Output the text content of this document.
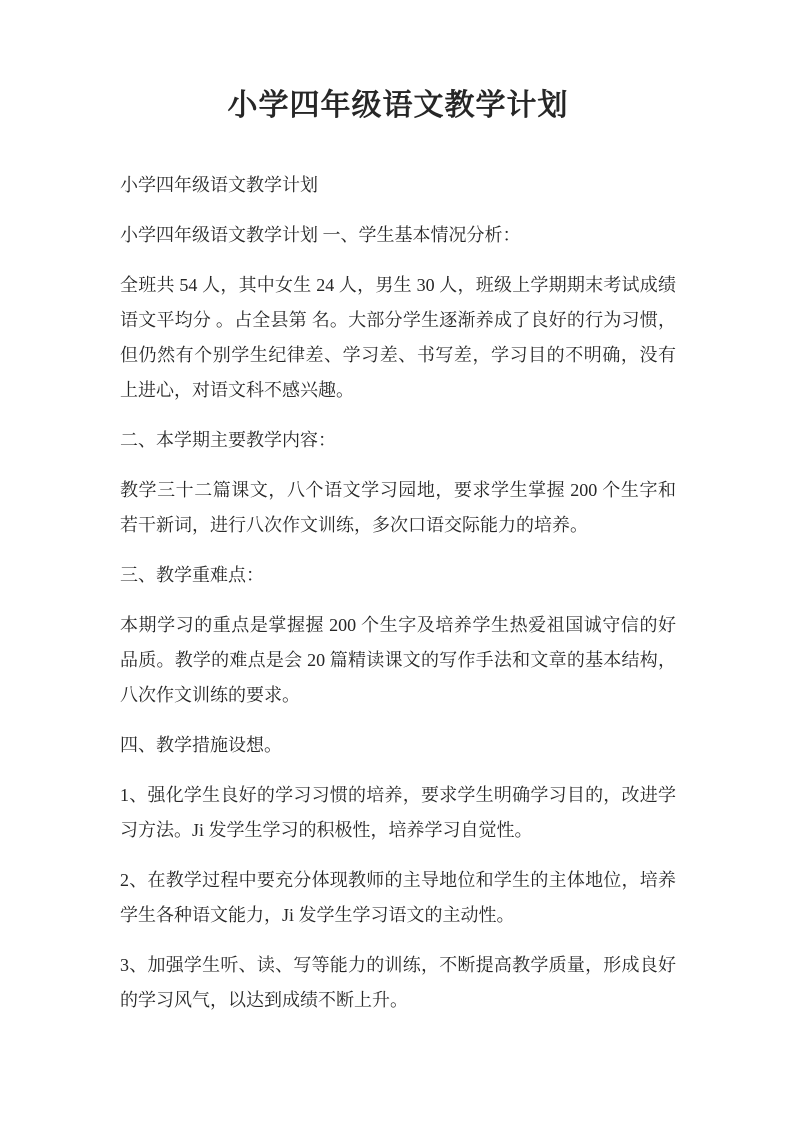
小学四年级语文教学计划

小学四年级语文教学计划

小学四年级语文教学计划 一、学生基本情况分析：

全班共 54 人，其中女生 24 人，男生 30 人，班级上学期期末考试成绩语文平均分 。占全县第 名。大部分学生逐渐养成了良好的行为习惯，但仍然有个别学生纪律差、学习差、书写差，学习目的不明确，没有上进心，对语文科不感兴趣。

二、本学期主要教学内容：

教学三十二篇课文，八个语文学习园地，要求学生掌握 200 个生字和若干新词，进行八次作文训练，多次口语交际能力的培养。

三、教学重难点：

本期学习的重点是掌握握 200 个生字及培养学生热爱祖国诚守信的好品质。教学的难点是会 20 篇精读课文的写作手法和文章的基本结构，八次作文训练的要求。

四、教学措施设想。

1、强化学生良好的学习习惯的培养，要求学生明确学习目的，改进学习方法。Ji 发学生学习的积极性，培养学习自觉性。

2、在教学过程中要充分体现教师的主导地位和学生的主体地位，培养学生各种语文能力，Ji 发学生学习语文的主动性。

3、加强学生听、读、写等能力的训练，不断提高教学质量，形成良好的学习风气，以达到成绩不断上升。
